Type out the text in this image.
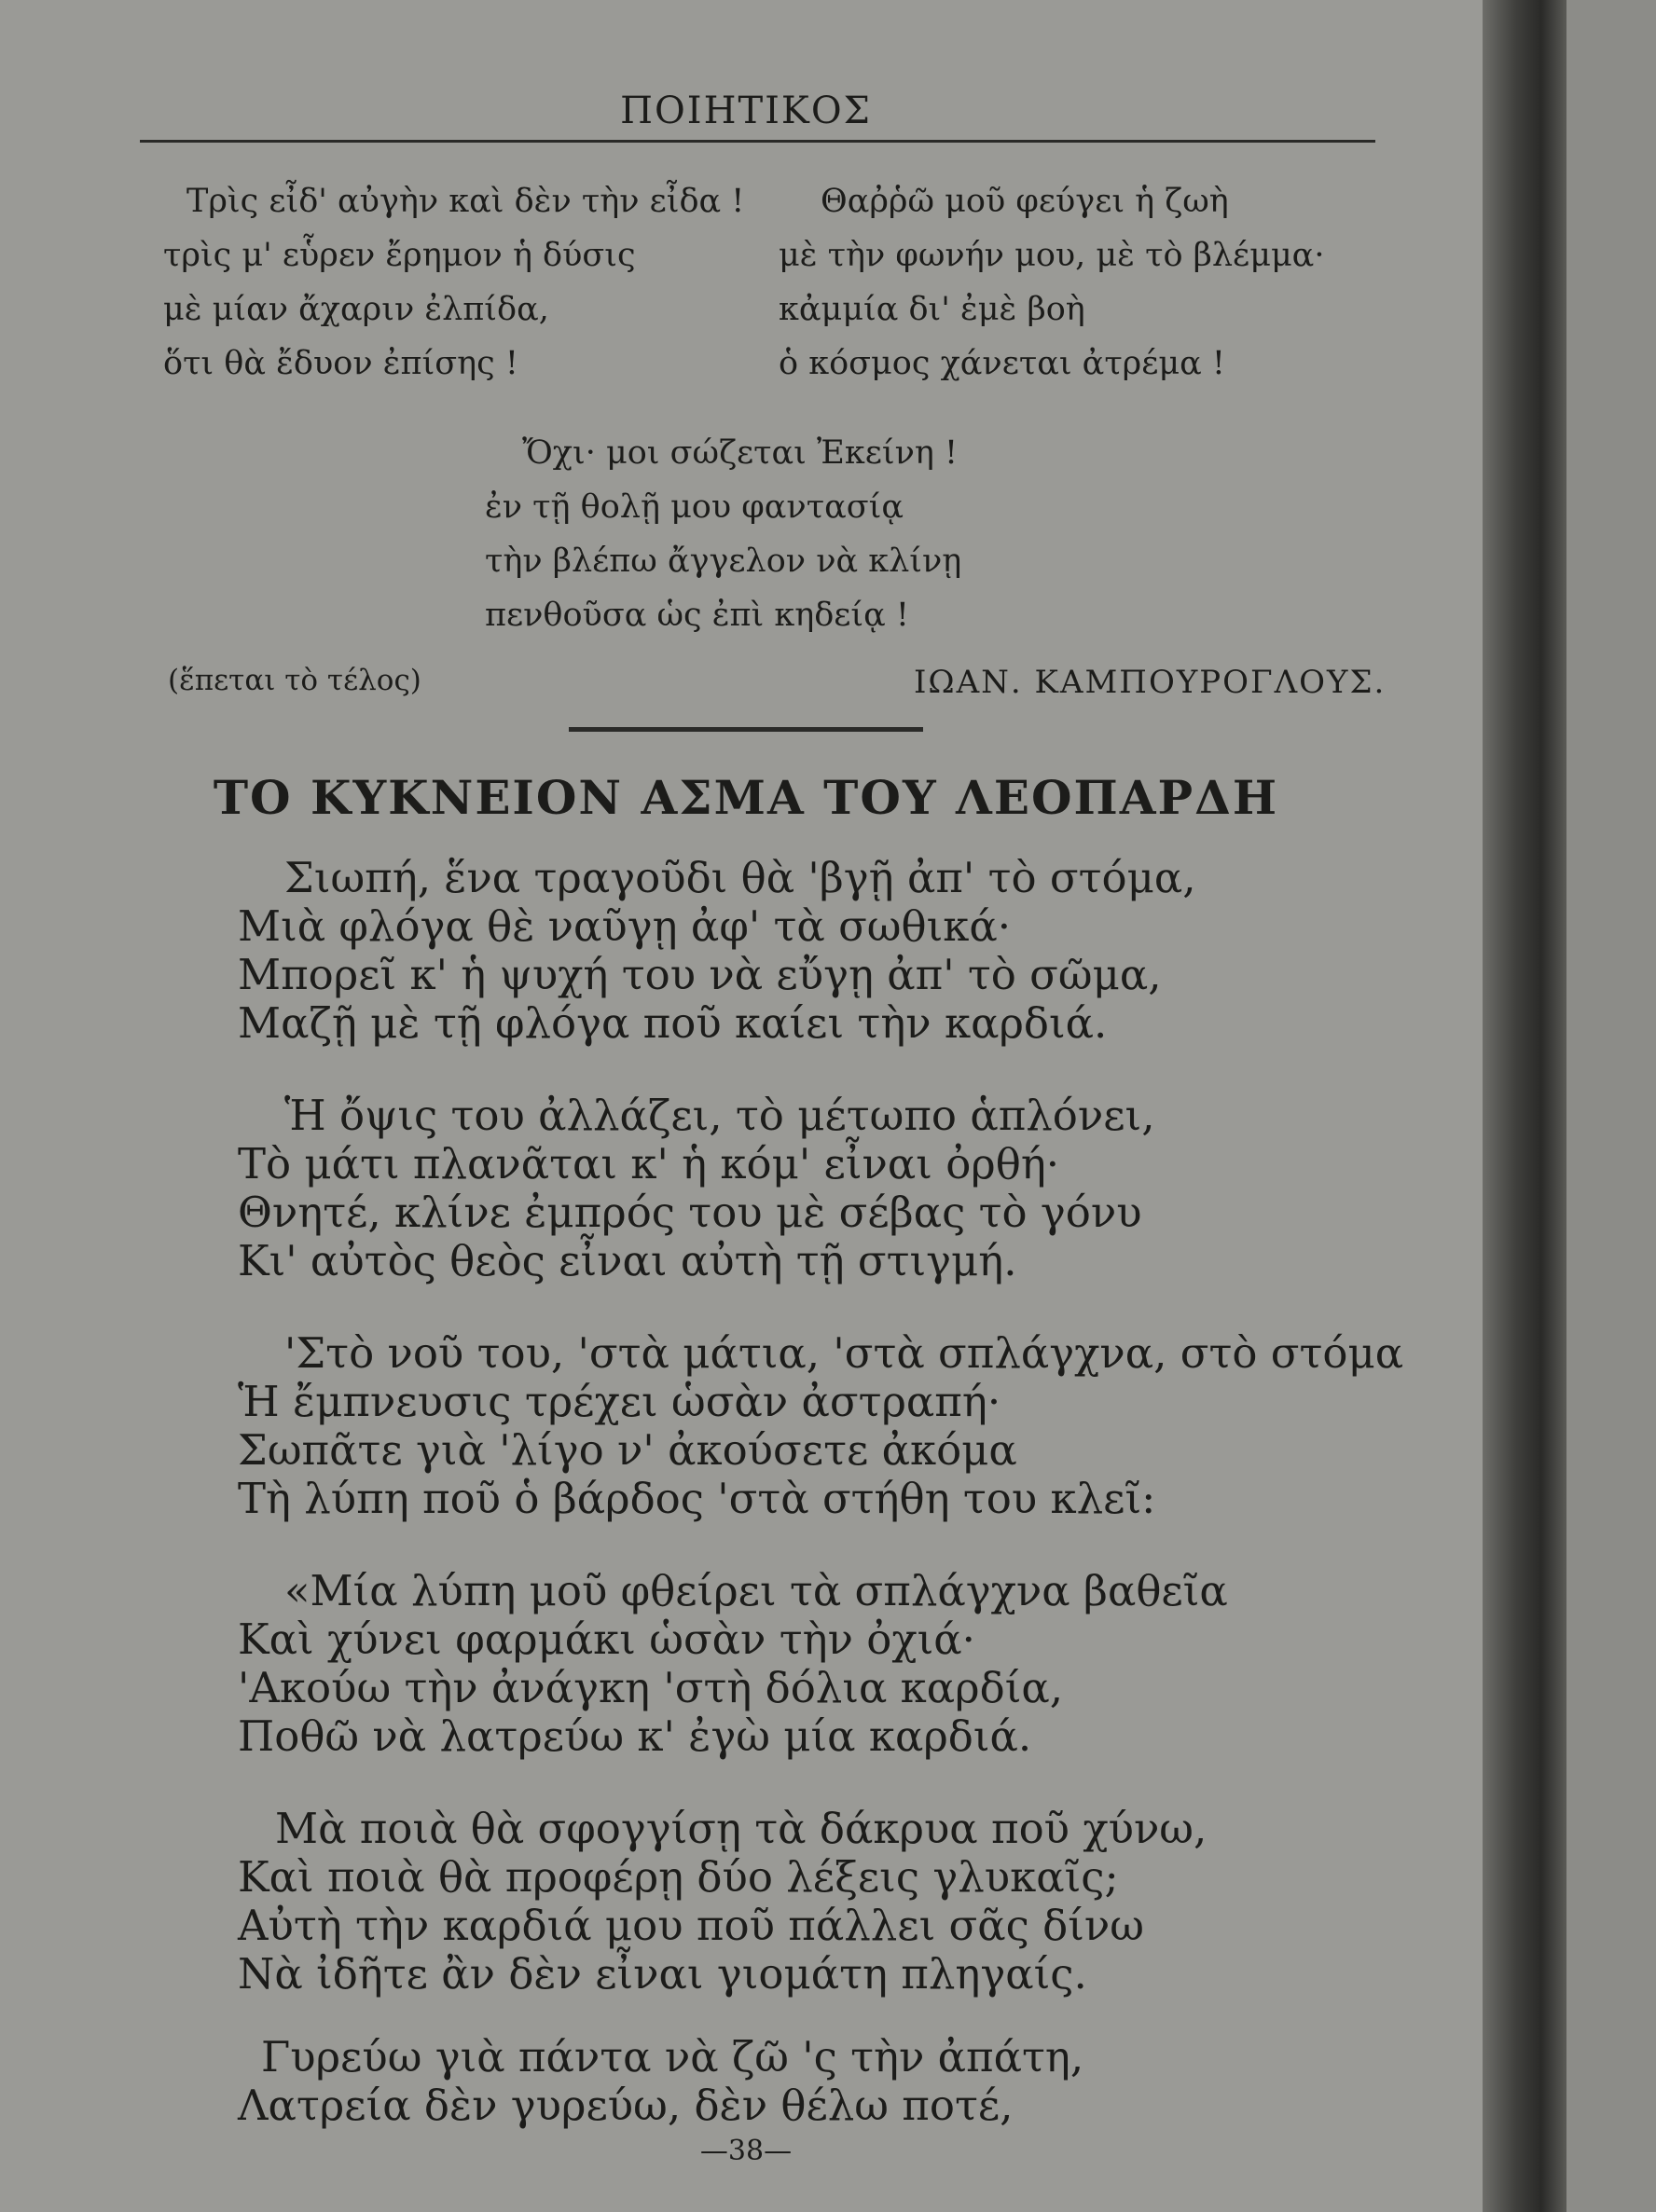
ΠΟΙΗΤΙΚΟΣ
Τρὶς εἶδ' αὐγὴν καὶ δὲν τὴν εἶδα !
τρὶς μ' εὗρεν ἔρημον ἡ δύσις
μὲ μίαν ἄχαριν ἐλπίδα,
ὅτι θὰ ἔδυον ἐπίσης !
Θαῤῥῶ μοῦ φεύγει ἡ ζωὴ
μὲ τὴν φωνήν μου, μὲ τὸ βλέμμα·
κἀμμία δι' ἐμὲ βοὴ
ὁ κόσμος χάνεται ἀτρέμα !
Ὄχι· μοι σώζεται Ἐκείνη !
ἐν τῇ θολῇ μου φαντασίᾳ
τὴν βλέπω ἄγγελον νὰ κλίνῃ
πενθοῦσα ὡς ἐπὶ κηδείᾳ !
(ἕπεται τὸ τέλος)	ΙΩΑΝ. ΚΑΜΠΟΥΡΟΓΛΟΥΣ.
ΤΟ ΚΥΚΝΕΙΟΝ ΑΣΜΑ ΤΟΥ ΛΕΟΠΑΡΔΗ
Σιωπή, ἕνα τραγοῦδι θὰ 'βγῇ ἀπ' τὸ στόμα,
Μιὰ φλόγα θὲ ναῦγῃ ἀφ' τὰ σωθικά·
Μπορεῖ κ' ἡ ψυχή του νὰ εὔγῃ ἀπ' τὸ σῶμα,
Μαζῇ μὲ τῇ φλόγα ποῦ καίει τὴν καρδιά.
Ἡ ὄψις του ἀλλάζει, τὸ μέτωπο ἁπλόνει,
Τὸ μάτι πλανᾶται κ' ἡ κόμ' εἶναι ὀρθή·
Θνητέ, κλίνε ἐμπρός του μὲ σέβας τὸ γόνυ
Κι' αὐτὸς θεὸς εἶναι αὐτὴ τῇ στιγμή.
'Στὸ νοῦ του, 'στὰ μάτια, 'στὰ σπλάγχνα, στὸ στόμα
Ἡ ἔμπνευσις τρέχει ὡσὰν ἀστραπή·
Σωπᾶτε γιὰ 'λίγο ν' ἀκούσετε ἀκόμα
Τὴ λύπη ποῦ ὁ βάρδος 'στὰ στήθη του κλεῖ:
«Μία λύπη μοῦ φθείρει τὰ σπλάγχνα βαθεῖα
Καὶ χύνει φαρμάκι ὡσὰν τὴν ὀχιά·
'Ακούω τὴν ἀνάγκη 'στὴ δόλια καρδία,
Ποθῶ νὰ λατρεύω κ' ἐγὼ μία καρδιά.
Μὰ ποιὰ θὰ σφογγίσῃ τὰ δάκρυα ποῦ χύνω,
Καὶ ποιὰ θὰ προφέρῃ δύο λέξεις γλυκαῖς;
Αὐτὴ τὴν καρδιά μου ποῦ πάλλει σᾶς δίνω
Νὰ ἰδῆτε ἂν δὲν εἶναι γιομάτη πληγαίς.
Γυρεύω γιὰ πάντα νὰ ζῶ 'ς τὴν ἀπάτη,
Λατρεία δὲν γυρεύω, δὲν θέλω ποτέ,
—38—
